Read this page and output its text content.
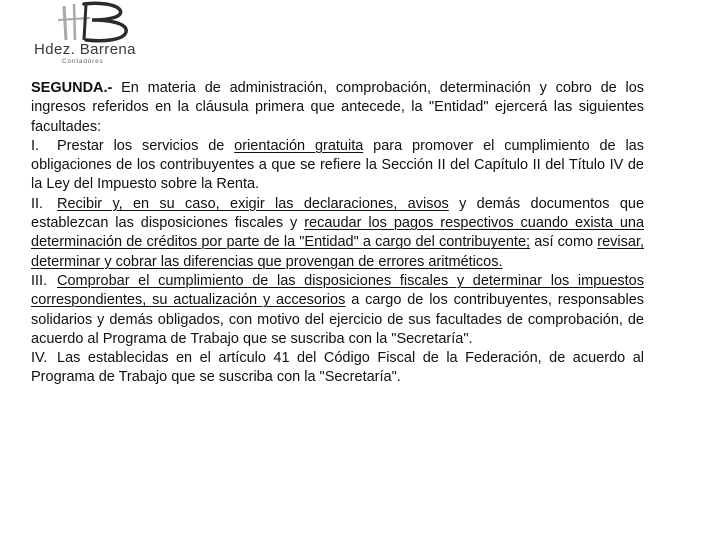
Hdez. Barrena
Contadores

SEGUNDA.- En materia de administración, comprobación, determinación y cobro de los ingresos referidos en la cláusula primera que antecede, la "Entidad" ejercerá las siguientes facultades:

I. Prestar los servicios de orientación gratuita para promover el cumplimiento de las obligaciones de los contribuyentes a que se refiere la Sección II del Capítulo II del Título IV de la Ley del Impuesto sobre la Renta.

II. Recibir y, en su caso, exigir las declaraciones, avisos y demás documentos que establezcan las disposiciones fiscales y recaudar los pagos respectivos cuando exista una determinación de créditos por parte de la "Entidad" a cargo del contribuyente; así como revisar, determinar y cobrar las diferencias que provengan de errores aritméticos.

III. Comprobar el cumplimiento de las disposiciones fiscales y determinar los impuestos correspondientes, su actualización y accesorios a cargo de los contribuyentes, responsables solidarios y demás obligados, con motivo del ejercicio de sus facultades de comprobación, de acuerdo al Programa de Trabajo que se suscriba con la "Secretaría".

IV. Las establecidas en el artículo 41 del Código Fiscal de la Federación, de acuerdo al Programa de Trabajo que se suscriba con la "Secretaría".
